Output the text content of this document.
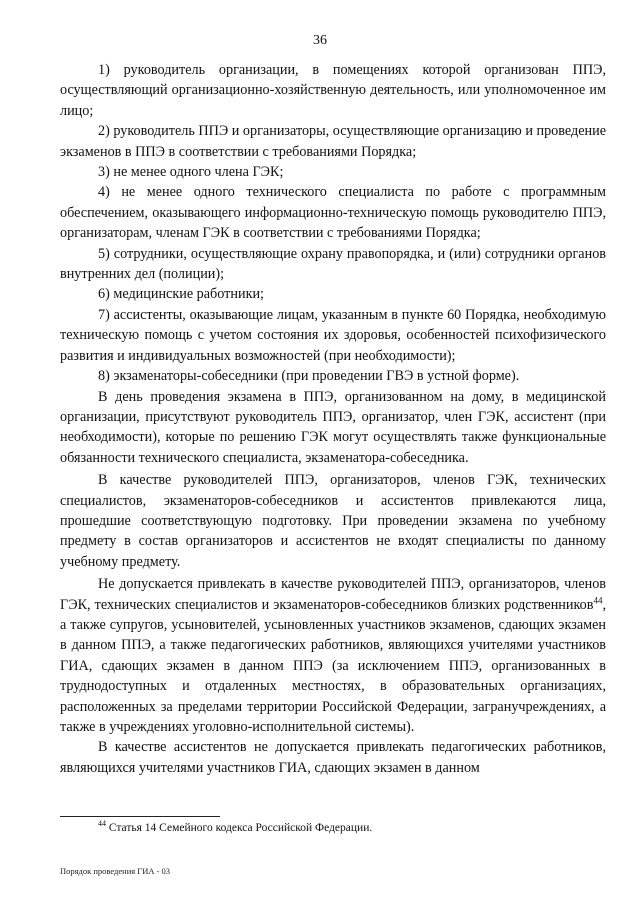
36

1) руководитель организации, в помещениях которой организован ППЭ, осуществляющий организационно-хозяйственную деятельность, или уполномоченное им лицо;

2) руководитель ППЭ и организаторы, осуществляющие организацию и проведение экзаменов в ППЭ в соответствии с требованиями Порядка;

3) не менее одного члена ГЭК;

4) не менее одного технического специалиста по работе с программным обеспечением, оказывающего информационно-техническую помощь руководителю ППЭ, организаторам, членам ГЭК в соответствии с требованиями Порядка;

5) сотрудники, осуществляющие охрану правопорядка, и (или) сотрудники органов внутренних дел (полиции);

6) медицинские работники;

7) ассистенты, оказывающие лицам, указанным в пункте 60 Порядка, необходимую техническую помощь с учетом состояния их здоровья, особенностей психофизического развития и индивидуальных возможностей (при необходимости);

8) экзаменаторы-собеседники (при проведении ГВЭ в устной форме).

В день проведения экзамена в ППЭ, организованном на дому, в медицинской организации, присутствуют руководитель ППЭ, организатор, член ГЭК, ассистент (при необходимости), которые по решению ГЭК могут осуществлять также функциональные обязанности технического специалиста, экзаменатора-собеседника.

В качестве руководителей ППЭ, организаторов, членов ГЭК, технических специалистов, экзаменаторов-собеседников и ассистентов привлекаются лица, прошедшие соответствующую подготовку. При проведении экзамена по учебному предмету в состав организаторов и ассистентов не входят специалисты по данному учебному предмету.

Не допускается привлекать в качестве руководителей ППЭ, организаторов, членов ГЭК, технических специалистов и экзаменаторов-собеседников близких родственников$^{44}$, а также супругов, усыновителей, усыновленных участников экзаменов, сдающих экзамен в данном ППЭ, а также педагогических работников, являющихся учителями участников ГИА, сдающих экзамен в данном ППЭ (за исключением ППЭ, организованных в труднодоступных и отдаленных местностях, в образовательных организациях, расположенных за пределами территории Российской Федерации, загранучреждениях, а также в учреждениях уголовно-исполнительной системы).

В качестве ассистентов не допускается привлекать педагогических работников, являющихся учителями участников ГИА, сдающих экзамен в данном

$^{44}$ Статья 14 Семейного кодекса Российской Федерации.
Порядок проведения ГИА - 03
